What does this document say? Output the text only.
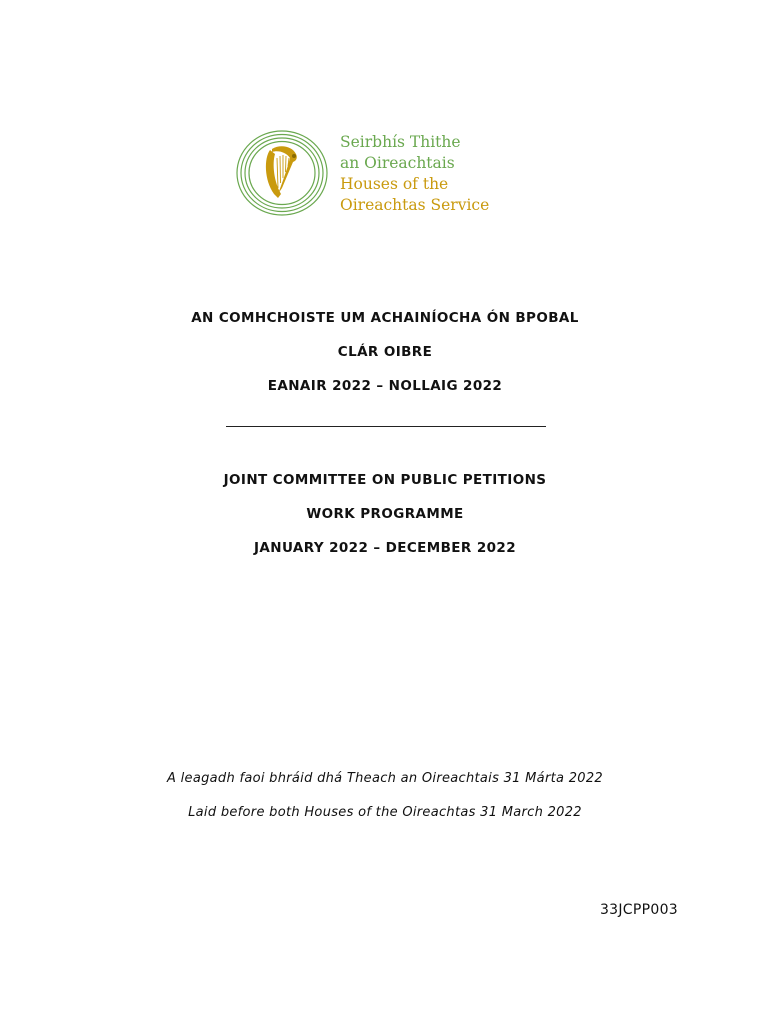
Seirbhís Thithe
an Oireachtais
Houses of the
Oireachtas Service
AN COMHCHOISTE UM ACHAINÍOCHA ÓN BPOBAL
CLÁR OIBRE
EANAIR 2022 – NOLLAIG 2022
JOINT COMMITTEE ON PUBLIC PETITIONS
WORK PROGRAMME
JANUARY 2022 – DECEMBER 2022
A leagadh faoi bhráid dhá Theach an Oireachtais 31 Márta 2022
Laid before both Houses of the Oireachtas 31 March 2022
33JCPP003
